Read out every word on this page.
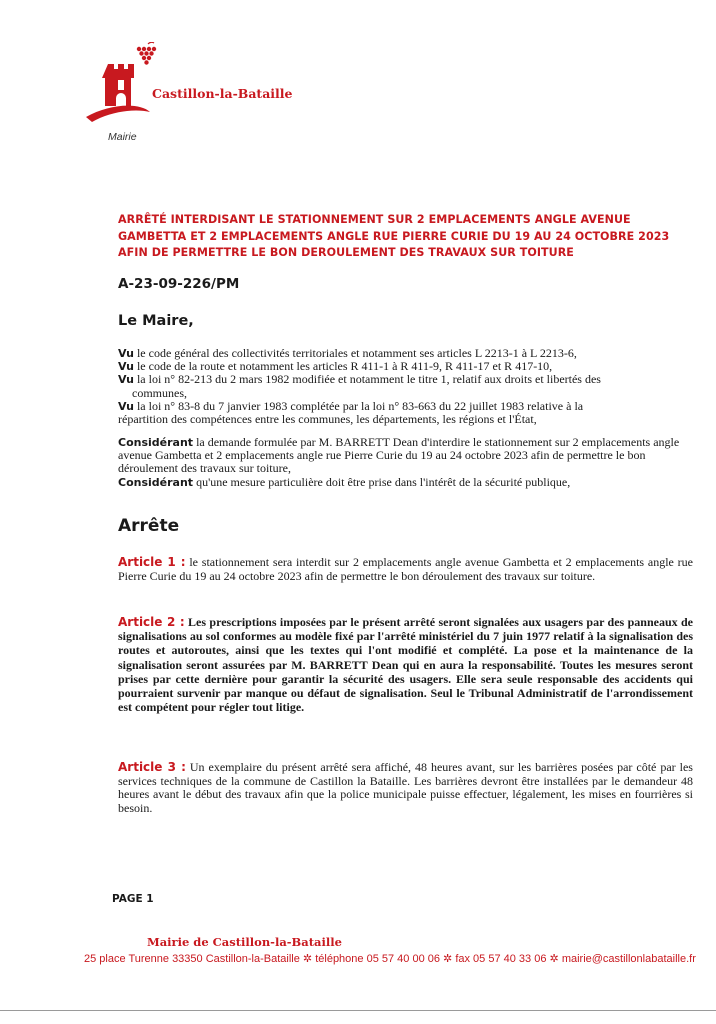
Castillon-la-Bataille
Mairie
ARRÊTÉ INTERDISANT LE STATIONNEMENT SUR 2 EMPLACEMENTS ANGLE AVENUE
GAMBETTA ET 2 EMPLACEMENTS ANGLE RUE PIERRE CURIE DU 19 AU 24 OCTOBRE 2023
AFIN DE PERMETTRE LE BON DEROULEMENT DES TRAVAUX SUR TOITURE
A-23-09-226/PM
Le Maire,

Vu le code général des collectivités territoriales et notamment ses articles L 2213-1 à L 2213-6,

Vu le code de la route et notamment les articles R 411-1 à R 411-9, R 411-17 et R 417-10,

Vu la loi n° 82-213 du 2 mars 1982 modifiée et notamment le titre 1, relatif aux droits et libertés des

communes,

Vu la loi n° 83-8 du 7 janvier 1983 complétée par la loi n° 83-663 du 22 juillet 1983 relative à la

répartition des compétences entre les communes, les départements, les régions et l'État,

Considérant la demande formulée par M. BARRETT Dean d'interdire le stationnement sur 2 emplacements angle avenue Gambetta et 2 emplacements angle rue Pierre Curie du 19 au 24 octobre 2023 afin de permettre le bon déroulement des travaux sur toiture,

Considérant qu'une mesure particulière doit être prise dans l'intérêt de la sécurité publique,

Arrête

Article 1 : le stationnement sera interdit sur 2 emplacements angle avenue Gambetta et 2 emplacements angle rue Pierre Curie du 19 au 24 octobre 2023 afin de permettre le bon déroulement des travaux sur toiture.

Article 2 : Les prescriptions imposées par le présent arrêté seront signalées aux usagers par des panneaux de signalisations au sol conformes au modèle fixé par l'arrêté ministériel du 7 juin 1977 relatif à la signalisation des routes et autoroutes, ainsi que les textes qui l'ont modifié et complété. La pose et la maintenance de la signalisation seront assurées par M. BARRETT Dean qui en aura la responsabilité. Toutes les mesures seront prises par cette dernière pour garantir la sécurité des usagers. Elle sera seule responsable des accidents qui pourraient survenir par manque ou défaut de signalisation. Seul le Tribunal Administratif de l'arrondissement est compétent pour régler tout litige.

Article 3 : Un exemplaire du présent arrêté sera affiché, 48 heures avant, sur les barrières posées par côté par les services techniques de la commune de Castillon la Bataille. Les barrières devront être installées par le demandeur 48 heures avant le début des travaux afin que la police municipale puisse effectuer, légalement, les mises en fourrières si besoin.

PAGE 1
Mairie de Castillon-la-Bataille
25 place Turenne 33350 Castillon-la-Bataille ✲ téléphone 05 57 40 00 06 ✲ fax 05 57 40 33 06 ✲ mairie@castillonlabataille.fr
